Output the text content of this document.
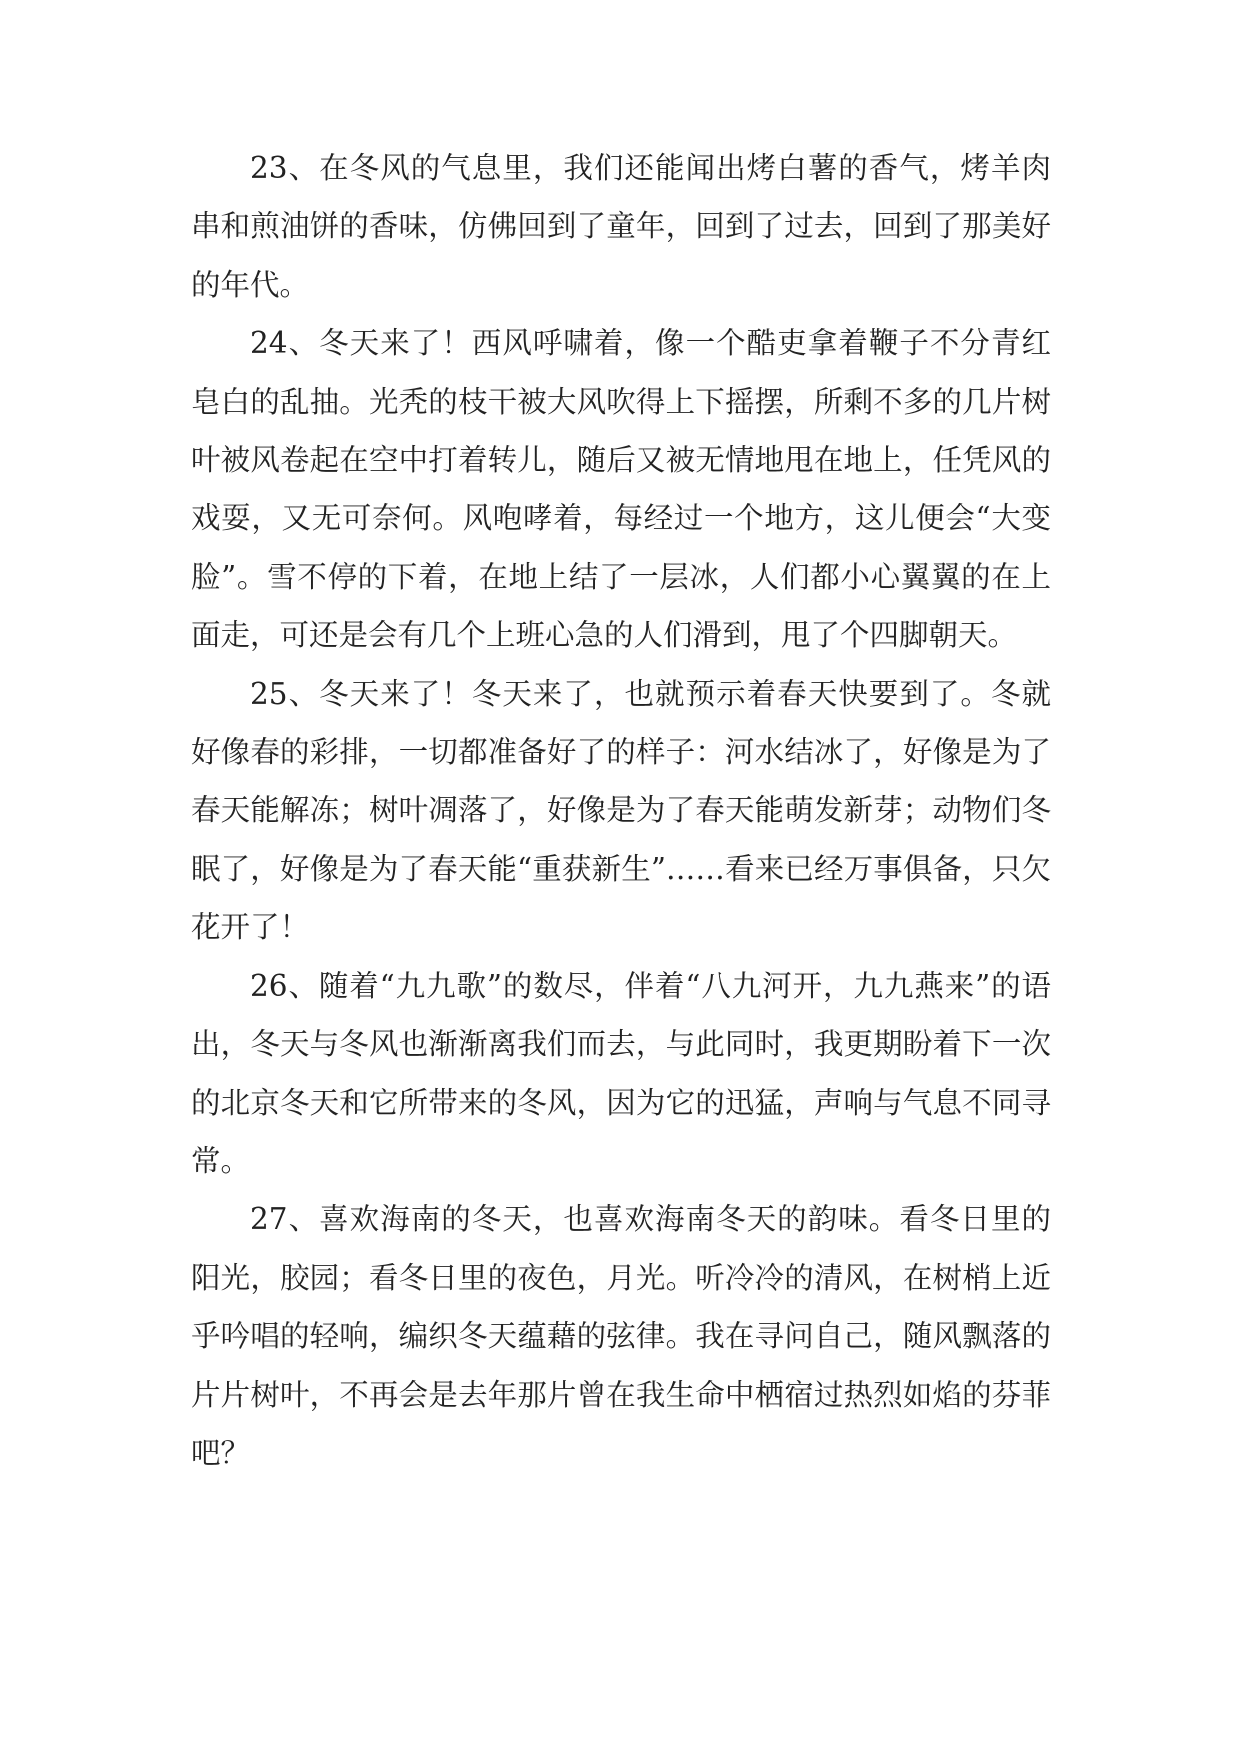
23、在冬风的气息里，我们还能闻出烤白薯的香气，烤羊肉串和煎油饼的香味，仿佛回到了童年，回到了过去，回到了那美好的年代。

24、冬天来了！西风呼啸着，像一个酷吏拿着鞭子不分青红皂白的乱抽。光秃的枝干被大风吹得上下摇摆，所剩不多的几片树叶被风卷起在空中打着转儿，随后又被无情地甩在地上，任凭风的戏耍，又无可奈何。风咆哮着，每经过一个地方，这儿便会“大变脸”。雪不停的下着，在地上结了一层冰，人们都小心翼翼的在上面走，可还是会有几个上班心急的人们滑到，甩了个四脚朝天。

25、冬天来了！冬天来了，也就预示着春天快要到了。冬就好像春的彩排，一切都准备好了的样子：河水结冰了，好像是为了春天能解冻；树叶凋落了，好像是为了春天能萌发新芽；动物们冬眠了，好像是为了春天能“重获新生”……看来已经万事俱备，只欠花开了！

26、随着“九九歌”的数尽，伴着“八九河开，九九燕来”的语出，冬天与冬风也渐渐离我们而去，与此同时，我更期盼着下一次的北京冬天和它所带来的冬风，因为它的迅猛，声响与气息不同寻常。

27、喜欢海南的冬天，也喜欢海南冬天的韵味。看冬日里的阳光，胶园；看冬日里的夜色，月光。听冷冷的清风，在树梢上近乎吟唱的轻响，编织冬天蕴藉的弦律。我在寻问自己，随风飘落的片片树叶，不再会是去年那片曾在我生命中栖宿过热烈如焰的芬菲吧？
